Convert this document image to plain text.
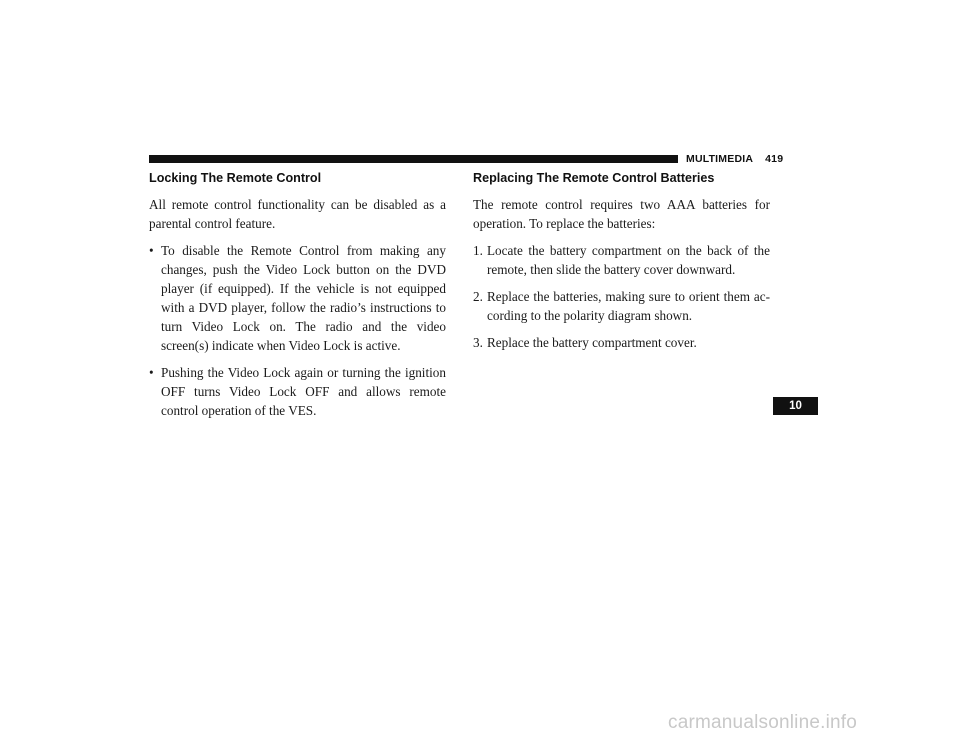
MULTIMEDIA 419
Locking The Remote Control

All remote control functionality can be disabled as a parental control feature.

• To disable the Remote Control from making any changes, push the Video Lock button on the DVD player (if equipped). If the vehicle is not equipped with a DVD player, follow the radio’s instructions to turn Video Lock on. The radio and the video screen(s) indicate when Video Lock is active.
• Pushing the Video Lock again or turning the ignition OFF turns Video Lock OFF and allows remote control operation of the VES.
Replacing The Remote Control Batteries

The remote control requires two AAA batteries for operation. To replace the batteries:

1. Locate the battery compartment on the back of the remote, then slide the battery cover downward.
2. Replace the batteries, making sure to orient them according to the polarity diagram shown.
3. Replace the battery compartment cover.
10
carmanualsonline.info
